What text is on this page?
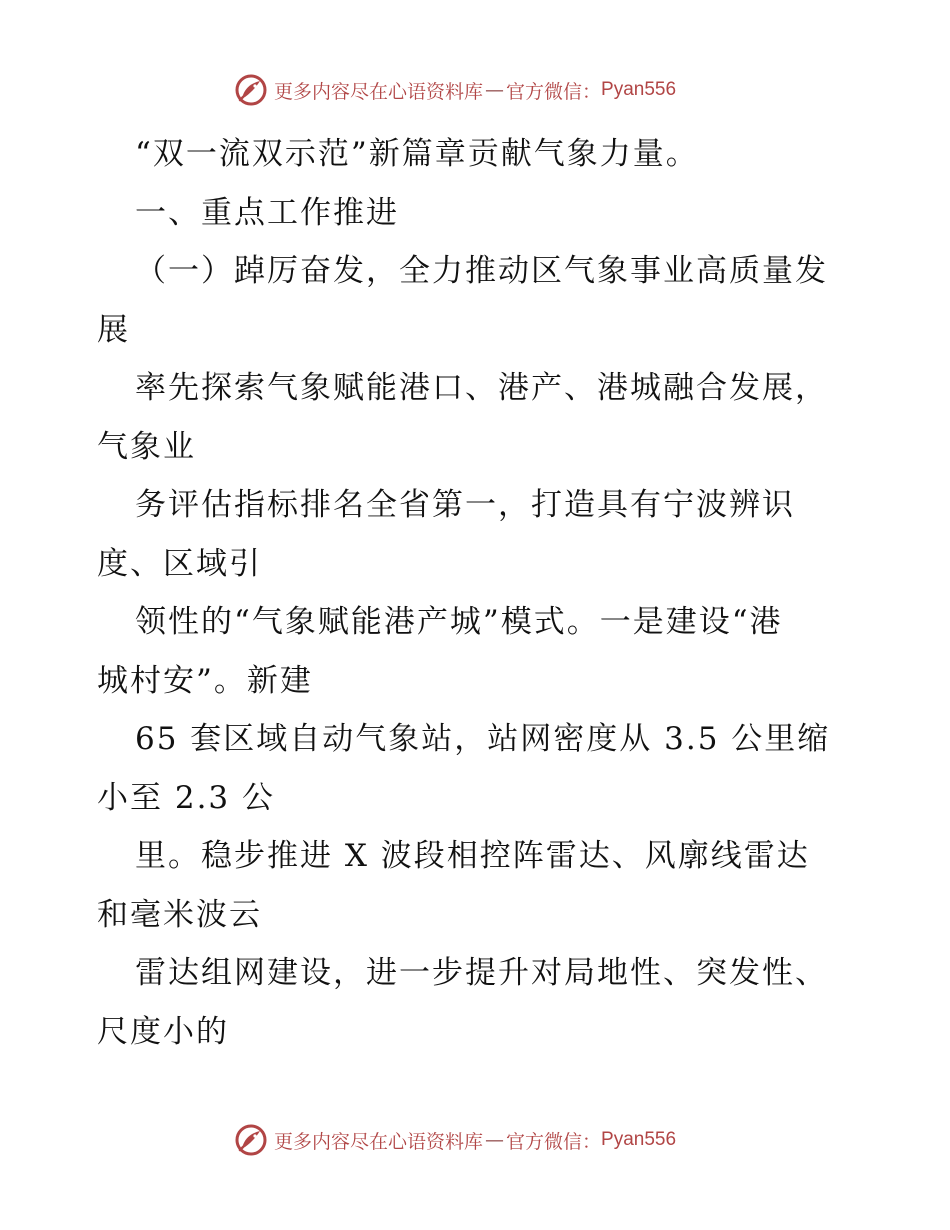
更多内容尽在心语资料库 — 官方微信： Pyan556
“双一流双示范”新篇章贡献气象力量。
一、重点工作推进
（一）踔厉奋发，全力推动区气象事业高质量发
展
率先探索气象赋能港口、港产、港城融合发展，
气象业
务评估指标排名全省第一，打造具有宁波辨识
度、区域引
领性的“气象赋能港产城”模式。一是建设“港
城村安”。新建
65 套区域自动气象站，站网密度从 3.5 公里缩
小至 2.3 公
里。稳步推进 X 波段相控阵雷达、风廓线雷达
和毫米波云
雷达组网建设，进一步提升对局地性、突发性、
尺度小的
更多内容尽在心语资料库 — 官方微信： Pyan556
